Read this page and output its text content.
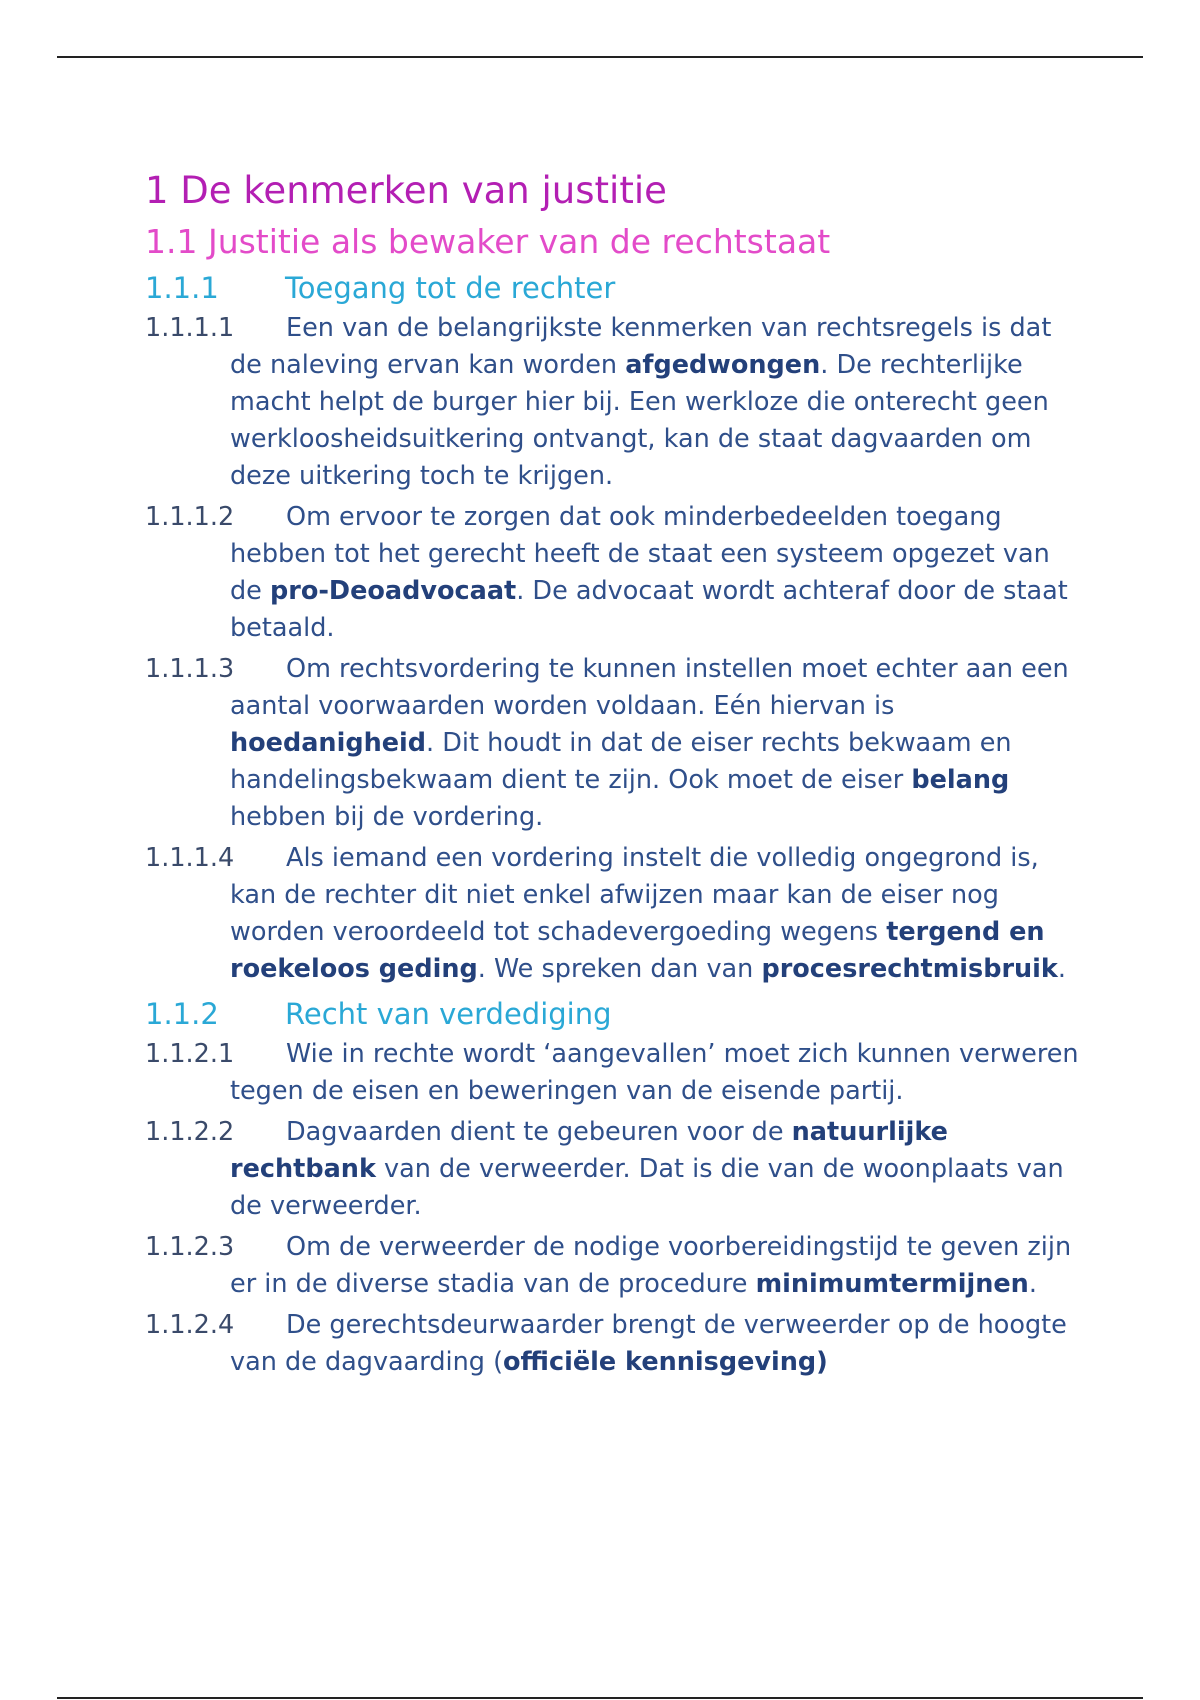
1 De kenmerken van justitie
1.1 Justitie als bewaker van de rechtstaat
1.1.1 Toegang tot de rechter
1.1.1.1 Een van de belangrijkste kenmerken van rechtsregels is dat de naleving ervan kan worden afgedwongen. De rechterlijke macht helpt de burger hier bij. Een werkloze die onterecht geen werkloosheidsuitkering ontvangt, kan de staat dagvaarden om deze uitkering toch te krijgen.
1.1.1.2 Om ervoor te zorgen dat ook minderbedeelden toegang hebben tot het gerecht heeft de staat een systeem opgezet van de pro-Deoadvocaat. De advocaat wordt achteraf door de staat betaald.
1.1.1.3 Om rechtsvordering te kunnen instellen moet echter aan een aantal voorwaarden worden voldaan. Eén hiervan is hoedanigheid. Dit houdt in dat de eiser rechts bekwaam en handelingsbekwaam dient te zijn. Ook moet de eiser belang hebben bij de vordering.
1.1.1.4 Als iemand een vordering instelt die volledig ongegrond is, kan de rechter dit niet enkel afwijzen maar kan de eiser nog worden veroordeeld tot schadevergoeding wegens tergend en roekeloos geding. We spreken dan van procesrechtmisbruik.
1.1.2 Recht van verdediging
1.1.2.1 Wie in rechte wordt ‘aangevallen’ moet zich kunnen verweren tegen de eisen en beweringen van de eisende partij.
1.1.2.2 Dagvaarden dient te gebeuren voor de natuurlijke rechtbank van de verweerder. Dat is die van de woonplaats van de verweerder.
1.1.2.3 Om de verweerder de nodige voorbereidingstijd te geven zijn er in de diverse stadia van de procedure minimumtermijnen.
1.1.2.4 De gerechtsdeurwaarder brengt de verweerder op de hoogte van de dagvaarding (officiële kennisgeving)
